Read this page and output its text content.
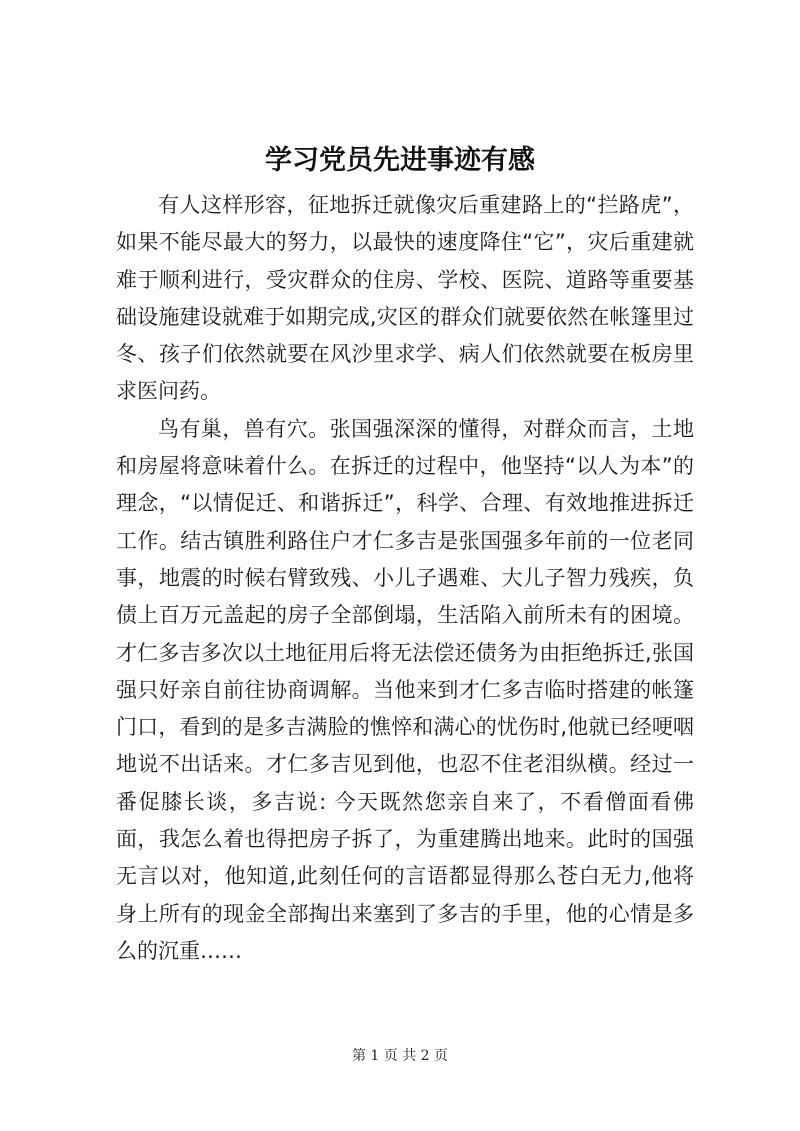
学习党员先进事迹有感

有人这样形容，征地拆迁就像灾后重建路上的“拦路虎”，如果不能尽最大的努力，以最快的速度降住“它”，灾后重建就难于顺利进行，受灾群众的住房、学校、医院、道路等重要基础设施建设就难于如期完成,灾区的群众们就要依然在帐篷里过冬、孩子们依然就要在风沙里求学、病人们依然就要在板房里求医问药。

鸟有巢，兽有穴。张国强深深的懂得，对群众而言，土地和房屋将意味着什么。在拆迁的过程中，他坚持“以人为本”的理念，“以情促迁、和谐拆迁”，科学、合理、有效地推进拆迁工作。结古镇胜利路住户才仁多吉是张国强多年前的一位老同事，地震的时候右臂致残、小儿子遇难、大儿子智力残疾，负债上百万元盖起的房子全部倒塌，生活陷入前所未有的困境。才仁多吉多次以土地征用后将无法偿还债务为由拒绝拆迁,张国强只好亲自前往协商调解。当他来到才仁多吉临时搭建的帐篷门口，看到的是多吉满脸的憔悴和满心的忧伤时,他就已经哽咽地说不出话来。才仁多吉见到他，也忍不住老泪纵横。经过一番促膝长谈，多吉说: 今天既然您亲自来了，不看僧面看佛面，我怎么着也得把房子拆了，为重建腾出地来。此时的国强无言以对，他知道,此刻任何的言语都显得那么苍白无力,他将身上所有的现金全部掏出来塞到了多吉的手里，他的心情是多么的沉重……

第 1 页 共 2 页
